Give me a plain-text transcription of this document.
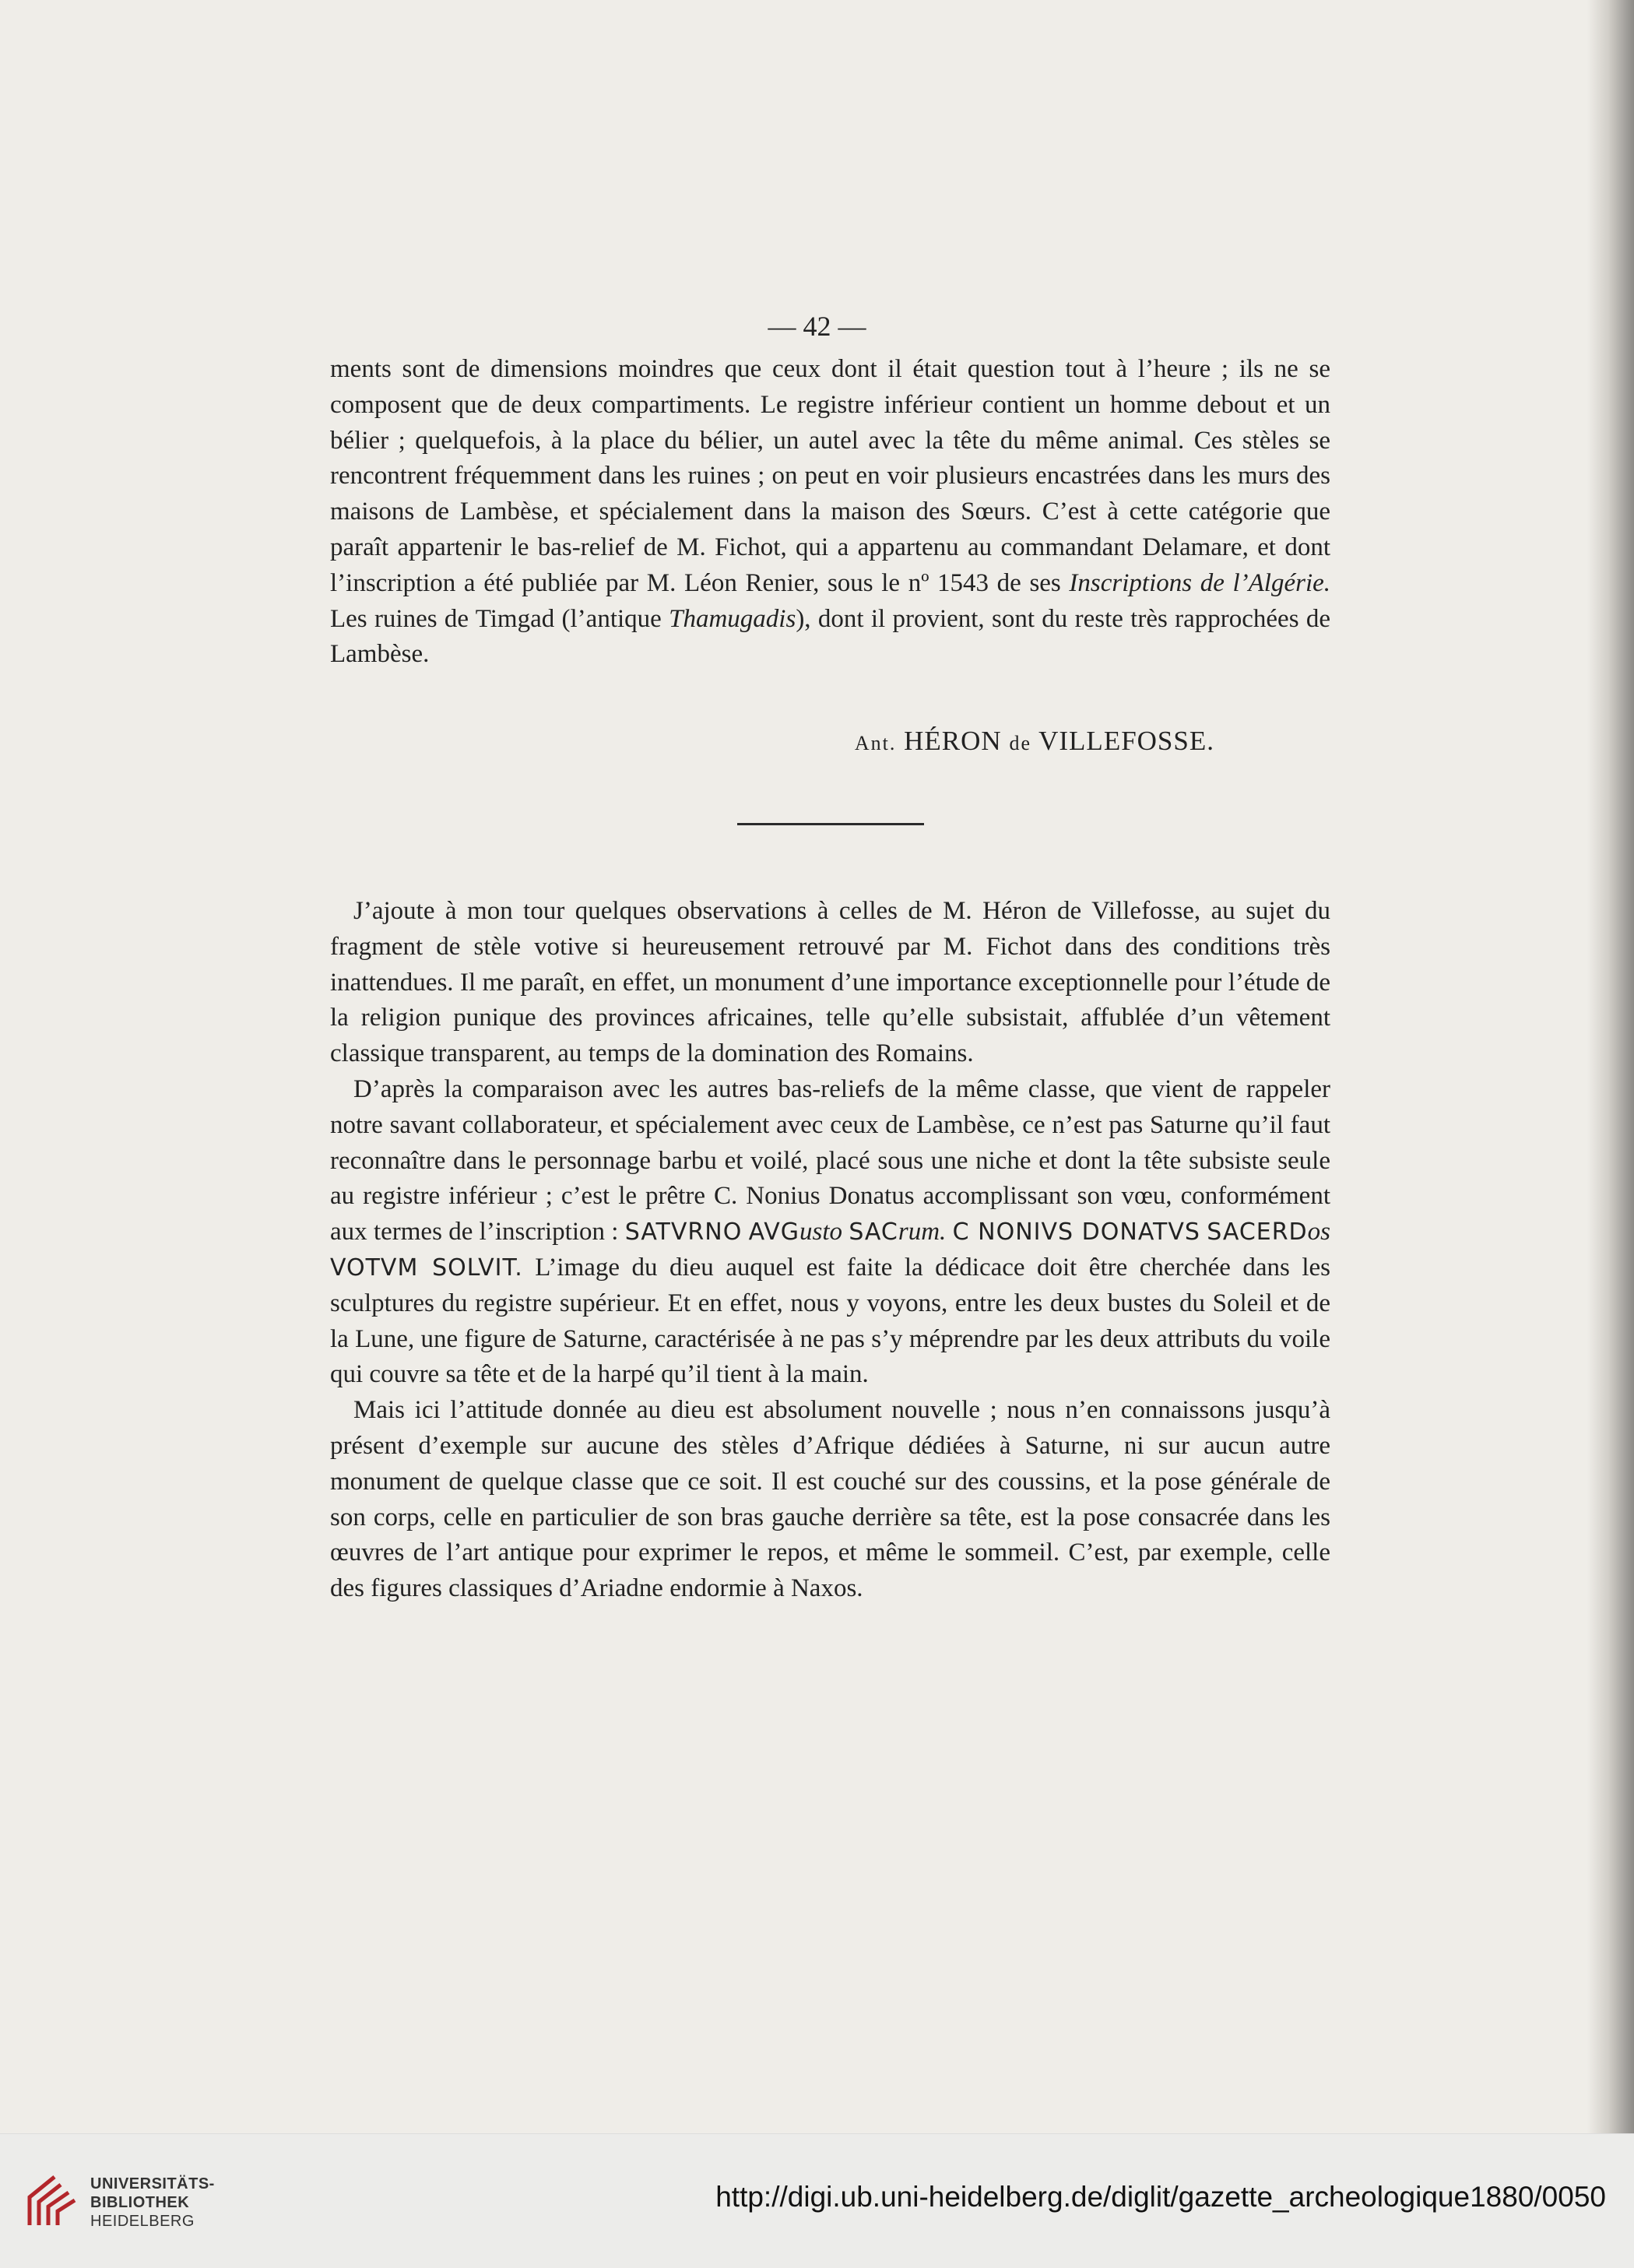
— 42 —

ments sont de dimensions moindres que ceux dont il était question tout à l’heure ; ils ne se composent que de deux compartiments. Le registre inférieur contient un homme debout et un bélier ; quelquefois, à la place du bélier, un autel avec la tête du même animal. Ces stèles se rencontrent fréquemment dans les ruines ; on peut en voir plusieurs encastrées dans les murs des maisons de Lambèse, et spécialement dans la maison des Sœurs. C’est à cette catégorie que paraît appartenir le bas-relief de M. Fichot, qui a appartenu au commandant Delamare, et dont l’inscription a été publiée par M. Léon Renier, sous le nº 1543 de ses Inscriptions de l’Algérie. Les ruines de Timgad (l’antique Thamugadis), dont il provient, sont du reste très rapprochées de Lambèse.

Ant. HÉRON de VILLEFOSSE.

J’ajoute à mon tour quelques observations à celles de M. Héron de Villefosse, au sujet du fragment de stèle votive si heureusement retrouvé par M. Fichot dans des conditions très inattendues. Il me paraît, en effet, un monument d’une importance exceptionnelle pour l’étude de la religion punique des provinces africaines, telle qu’elle subsistait, affublée d’un vêtement classique transparent, au temps de la domination des Romains.

D’après la comparaison avec les autres bas-reliefs de la même classe, que vient de rappeler notre savant collaborateur, et spécialement avec ceux de Lambèse, ce n’est pas Saturne qu’il faut reconnaître dans le personnage barbu et voilé, placé sous une niche et dont la tête subsiste seule au registre inférieur ; c’est le prêtre C. Nonius Donatus accomplissant son vœu, conformément aux termes de l’inscription : SATVRNO AVGusto SACrum. C NONIVS DONATVS SACERDos VOTVM SOLVIT. L’image du dieu auquel est faite la dédicace doit être cherchée dans les sculptures du registre supérieur. Et en effet, nous y voyons, entre les deux bustes du Soleil et de la Lune, une figure de Saturne, caractérisée à ne pas s’y méprendre par les deux attributs du voile qui couvre sa tête et de la harpé qu’il tient à la main.

Mais ici l’attitude donnée au dieu est absolument nouvelle ; nous n’en connaissons jusqu’à présent d’exemple sur aucune des stèles d’Afrique dédiées à Saturne, ni sur aucun autre monument de quelque classe que ce soit. Il est couché sur des coussins, et la pose générale de son corps, celle en particulier de son bras gauche derrière sa tête, est la pose consacrée dans les œuvres de l’art antique pour exprimer le repos, et même le sommeil. C’est, par exemple, celle des figures classiques d’Ariadne endormie à Naxos.

UNIVERSITÄTS-
BIBLIOTHEK
HEIDELBERG
http://digi.ub.uni-heidelberg.de/diglit/gazette_archeologique1880/0050
